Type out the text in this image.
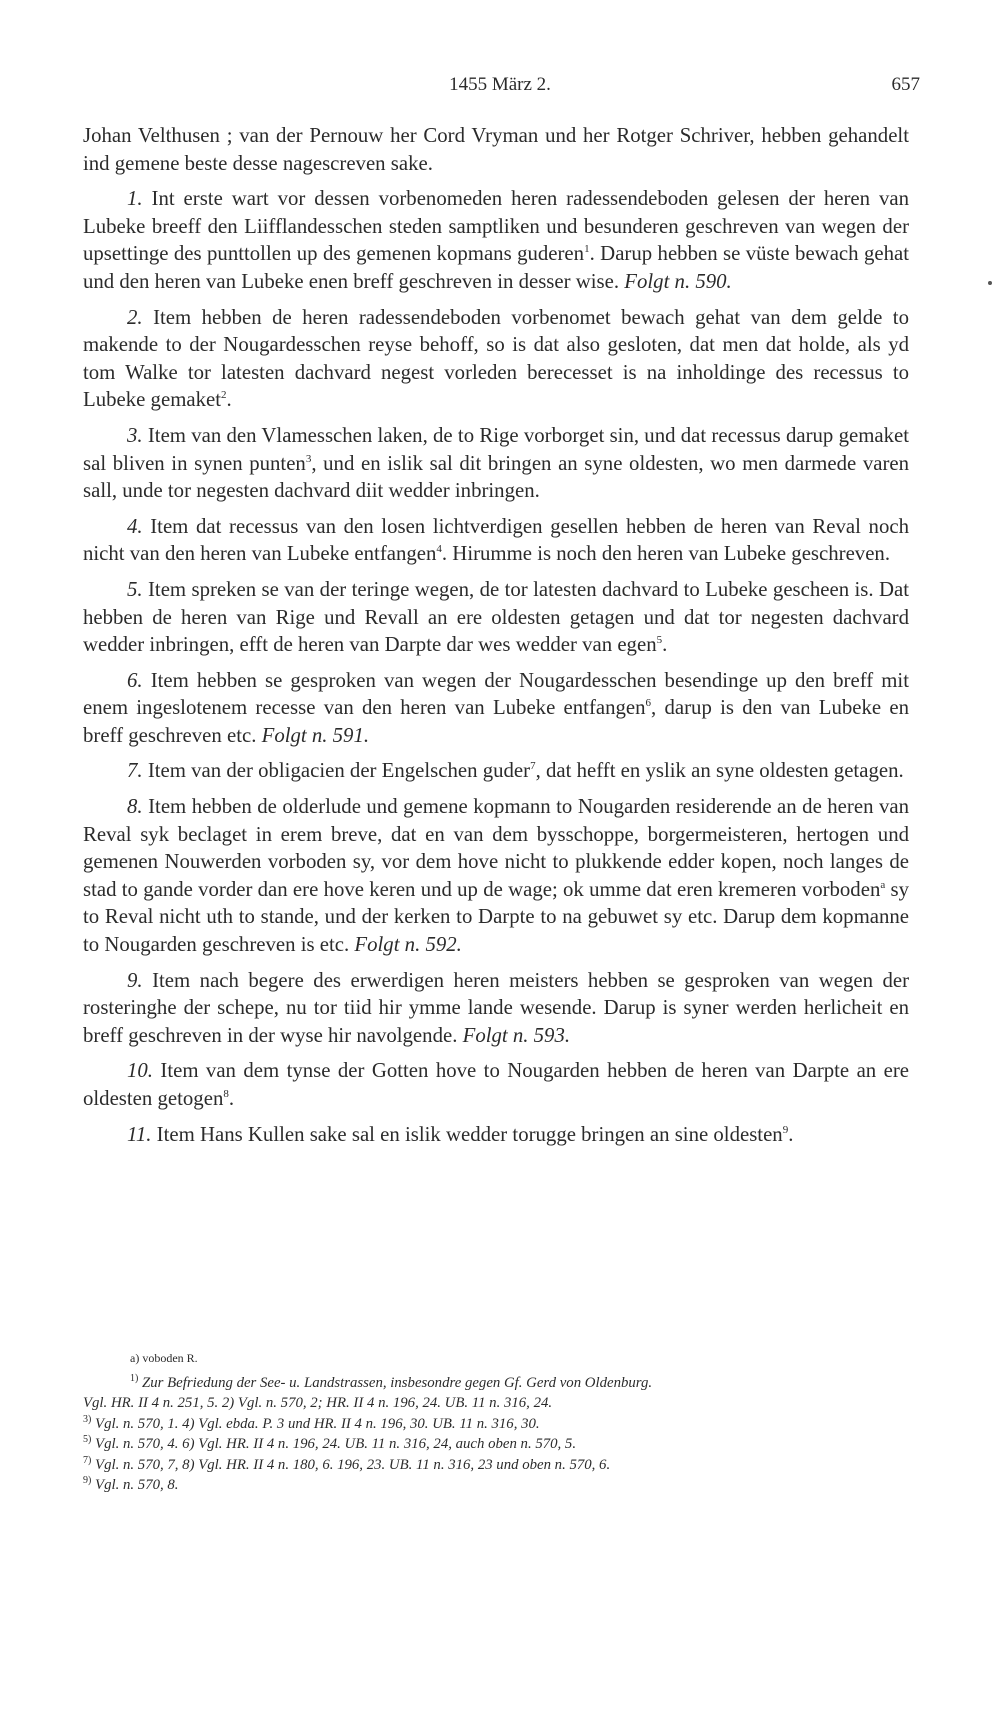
1455 März 2.	657

Johan Velthusen ; van der Pernouw her Cord Vryman und her Rotger Schriver, hebben gehandelt ind gemene beste desse nagescreven sake.

1. Int erste wart vor dessen vorbenomeden heren radessendeboden gelesen der heren van Lubeke breeff den Liifflandesschen steden samptliken und besunderen geschreven van wegen der upsettinge des punttollen up des gemenen kopmans guderen$^1$. Darup hebben se vüste bewach gehat und den heren van Lubeke enen breff geschreven in desser wise. Folgt n. 590.

2. Item hebben de heren radessendeboden vorbenomet bewach gehat van dem gelde to makende to der Nougardesschen reyse behoff, so is dat also gesloten, dat men dat holde, als yd tom Walke tor latesten dachvard negest vorleden berecesset is na inholdinge des recessus to Lubeke gemaket$^2$.

3. Item van den Vlamesschen laken, de to Rige vorborget sin, und dat recessus darup gemaket sal bliven in synen punten$^3$, und en islik sal dit bringen an syne oldesten, wo men darmede varen sall, unde tor negesten dachvard diit wedder inbringen.

4. Item dat recessus van den losen lichtverdigen gesellen hebben de heren van Reval noch nicht van den heren van Lubeke entfangen$^4$. Hirumme is noch den heren van Lubeke geschreven.

5. Item spreken se van der teringe wegen, de tor latesten dachvard to Lubeke gescheen is. Dat hebben de heren van Rige und Revall an ere oldesten getagen und dat tor negesten dachvard wedder inbringen, efft de heren van Darpte dar wes wedder van egen$^5$.

6. Item hebben se gesproken van wegen der Nougardesschen besendinge up den breff mit enem ingeslotenem recesse van den heren van Lubeke entfangen$^6$, darup is den van Lubeke en breff geschreven etc. Folgt n. 591.

7. Item van der obligacien der Engelschen guder$^7$, dat hefft en yslik an syne oldesten getagen.

8. Item hebben de olderlude und gemene kopmann to Nougarden residerende an de heren van Reval syk beclaget in erem breve, dat en van dem bysschoppe, borgermeisteren, hertogen und gemenen Nouwerden vorboden sy, vor dem hove nicht to plukkende edder kopen, noch langes de stad to gande vorder dan ere hove keren und up de wage; ok umme dat eren kremeren vorboden$^a$ sy to Reval nicht uth to stande, und der kerken to Darpte to na gebuwet sy etc. Darup dem kopmanne to Nougarden geschreven is etc. Folgt n. 592.

9. Item nach begere des erwerdigen heren meisters hebben se gesproken van wegen der rosteringhe der schepe, nu tor tiid hir ymme lande wesende. Darup is syner werden herlicheit en breff geschreven in der wyse hir navolgende. Folgt n. 593.

10. Item van dem tynse der Gotten hove to Nougarden hebben de heren van Darpte an ere oldesten getogen$^8$.

11. Item Hans Kullen sake sal en islik wedder torugge bringen an sine oldesten$^9$.

a) voboden R.
$^{1)}$ Zur Befriedung der See- u. Landstrassen, insbesondre gegen Gf. Gerd von Oldenburg.
Vgl. HR. II 4 n. 251, 5. 2) Vgl. n. 570, 2; HR. II 4 n. 196, 24. UB. 11 n. 316, 24.
$^{3)}$ Vgl. n. 570, 1. 4) Vgl. ebda. P. 3 und HR. II 4 n. 196, 30. UB. 11 n. 316, 30.
$^{5)}$ Vgl. n. 570, 4. 6) Vgl. HR. II 4 n. 196, 24. UB. 11 n. 316, 24, auch oben n. 570, 5.
$^{7)}$ Vgl. n. 570, 7, 8) Vgl. HR. II 4 n. 180, 6. 196, 23. UB. 11 n. 316, 23 und oben n. 570, 6.
$^{9)}$ Vgl. n. 570, 8.
